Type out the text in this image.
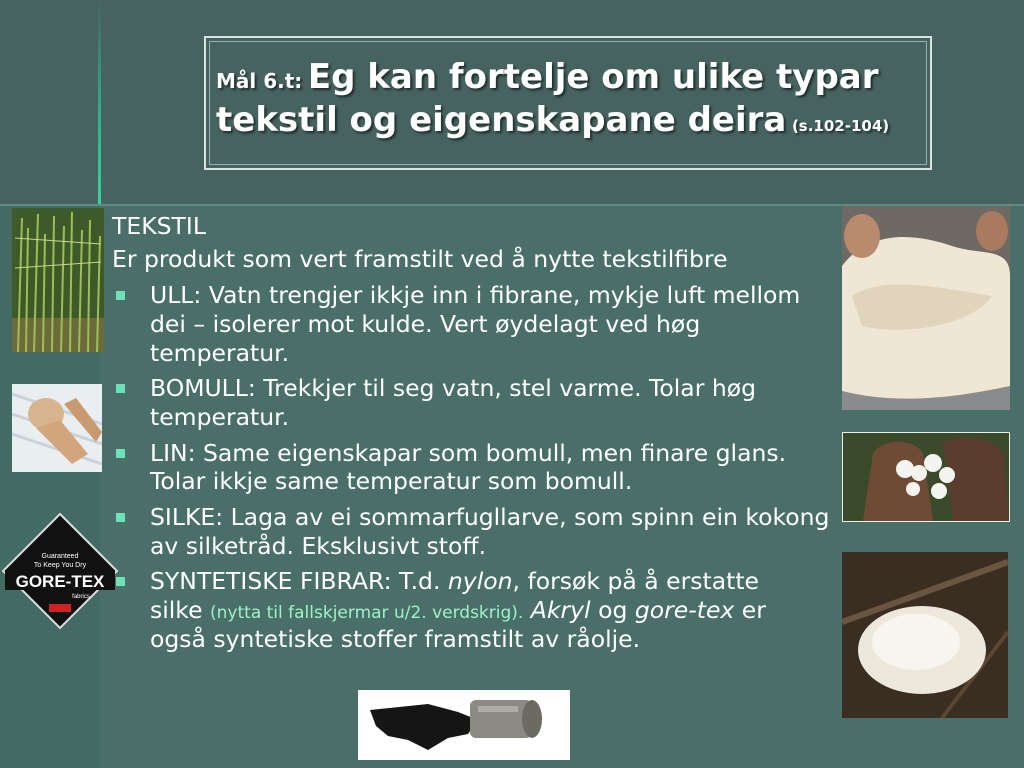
Mål 6.t: Eg kan fortelje om ulike typar
tekstil og eigenskapane deira (s.102-104)
Guaranteed
To Keep You Dry
GORE-TEX
fabrics
TEKSTIL
Er produkt som vert framstilt ved å nytte tekstilfibre
ULL: Vatn trengjer ikkje inn i fibrane, mykje luft mellom dei – isolerer mot kulde. Vert øydelagt ved høg temperatur.
BOMULL: Trekkjer til seg vatn, stel varme. Tolar høg temperatur.
LIN: Same eigenskapar som bomull, men finare glans. Tolar ikkje same temperatur som bomull.
SILKE: Laga av ei sommarfugllarve, som spinn ein kokong av silketråd. Eksklusivt stoff.
SYNTETISKE FIBRAR: T.d. nylon, forsøk på å erstatte silke (nytta til fallskjermar u/2. verdskrig). Akryl og gore-tex er også syntetiske stoffer framstilt av råolje.
